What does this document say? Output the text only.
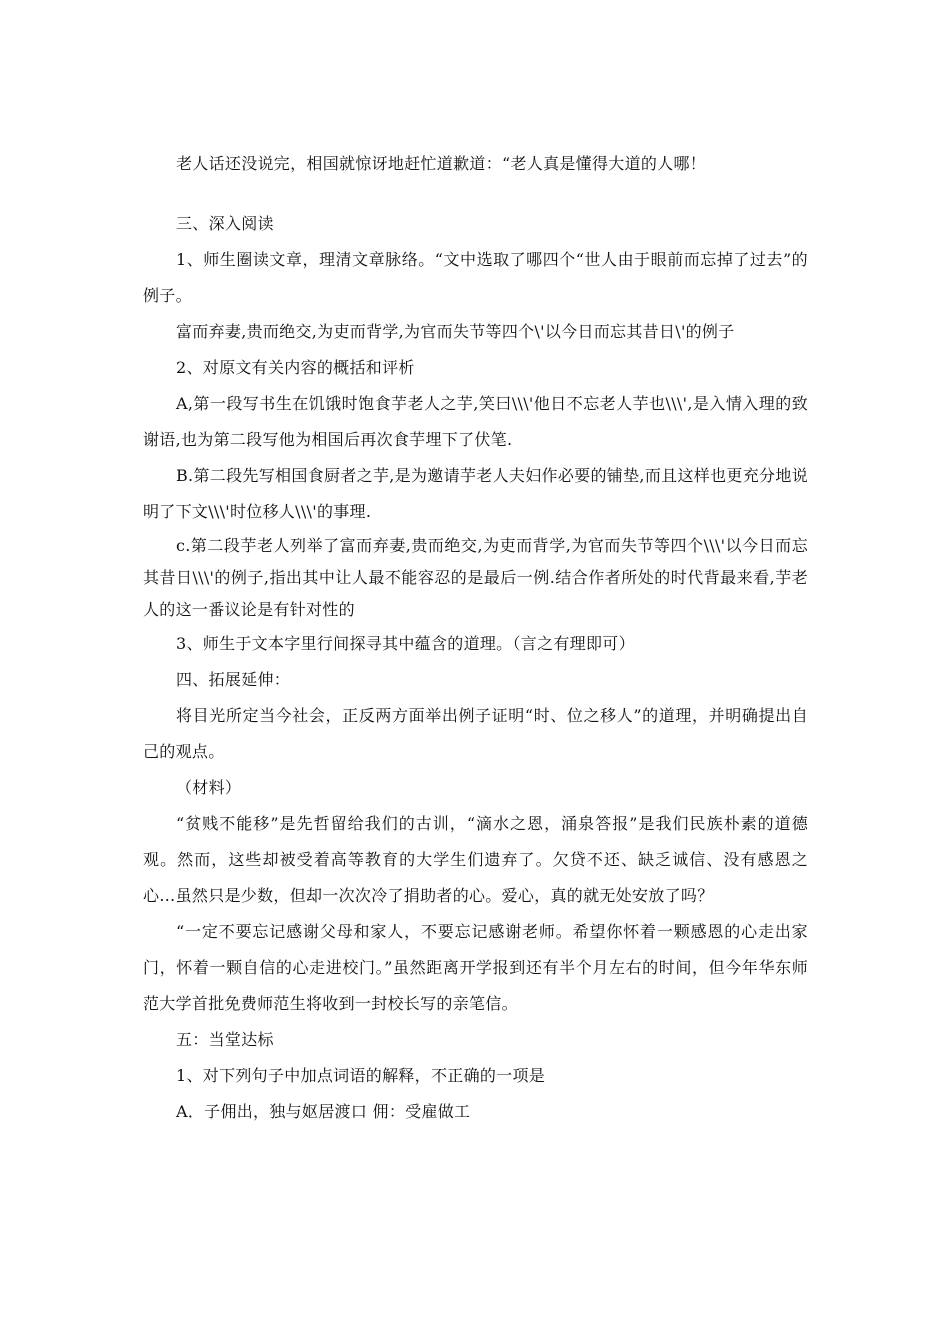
老人话还没说完，相国就惊讶地赶忙道歉道：“老人真是懂得大道的人哪！

三、深入阅读

1、师生圈读文章，理清文章脉络。“文中选取了哪四个“世人由于眼前而忘掉了过去”的例子。

富而弃妻,贵而绝交,为吏而背学,为官而失节等四个\'以今日而忘其昔日\'的例子

2、对原文有关内容的概括和评析

A,第一段写书生在饥饿时饱食芋老人之芋,笑曰\\\'他日不忘老人芋也\\\',是入情入理的致谢语,也为第二段写他为相国后再次食芋埋下了伏笔.

B.第二段先写相国食厨者之芋,是为邀请芋老人夫妇作必要的铺垫,而且这样也更充分地说明了下文\\\'时位移人\\\'的事理.

c.第二段芋老人列举了富而弃妻,贵而绝交,为吏而背学,为官而失节等四个\\\'以今日而忘其昔日\\\'的例子,指出其中让人最不能容忍的是最后一例.结合作者所处的时代背最来看,芋老人的这一番议论是有针对性的

3、师生于文本字里行间探寻其中蕴含的道理。（言之有理即可）

四、拓展延伸：

将目光所定当今社会，正反两方面举出例子证明“时、位之移人”的道理，并明确提出自己的观点。

（材料）

“贫贱不能移”是先哲留给我们的古训，“滴水之恩，涌泉答报”是我们民族朴素的道德观。然而，这些却被受着高等教育的大学生们遗弃了。欠贷不还、缺乏诚信、没有感恩之心…虽然只是少数，但却一次次冷了捐助者的心。爱心，真的就无处安放了吗？

“一定不要忘记感谢父母和家人，不要忘记感谢老师。希望你怀着一颗感恩的心走出家门，怀着一颗自信的心走进校门。”虽然距离开学报到还有半个月左右的时间，但今年华东师范大学首批免费师范生将收到一封校长写的亲笔信。

五：当堂达标

1、对下列句子中加点词语的解释，不正确的一项是

A．子佣出，独与妪居渡口 佣：受雇做工
